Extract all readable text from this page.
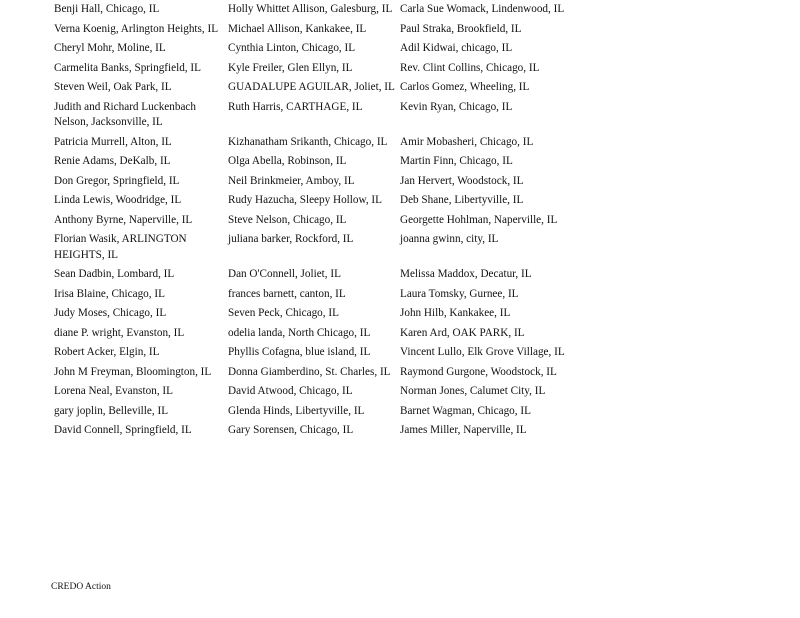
Benji Hall, Chicago, IL	Holly Whittet Allison, Galesburg, IL	Carla Sue Womack, Lindenwood, IL
Verna Koenig, Arlington Heights, IL	Michael Allison, Kankakee, IL	Paul Straka, Brookfield, IL
Cheryl Mohr, Moline, IL	Cynthia Linton, Chicago, IL	Adil Kidwai, chicago, IL
Carmelita Banks, Springfield, IL	Kyle Freiler, Glen Ellyn, IL	Rev. Clint Collins, Chicago, IL
Steven Weil, Oak Park, IL	GUADALUPE AGUILAR, Joliet, IL	Carlos Gomez, Wheeling, IL
Judith and Richard Luckenbach Nelson, Jacksonville, IL	Ruth Harris, CARTHAGE, IL	Kevin Ryan, Chicago, IL
Patricia Murrell, Alton, IL	Kizhanatham Srikanth, Chicago, IL	Amir Mobasheri, Chicago, IL
Renie Adams, DeKalb, IL	Olga Abella, Robinson, IL	Martin Finn, Chicago, IL
Don Gregor, Springfield, IL	Neil Brinkmeier, Amboy, IL	Jan Hervert, Woodstock, IL
Linda Lewis, Woodridge, IL	Rudy Hazucha, Sleepy Hollow, IL	Deb Shane, Libertyville, IL
Anthony Byrne, Naperville, IL	Steve Nelson, Chicago, IL	Georgette Hohlman, Naperville, IL
Florian Wasik, ARLINGTON HEIGHTS, IL	juliana barker, Rockford, IL	joanna gwinn, city, IL
Sean Dadbin, Lombard, IL	Dan O'Connell, Joliet, IL	Melissa Maddox, Decatur, IL
Irisa Blaine, Chicago, IL	frances barnett, canton, IL	Laura Tomsky, Gurnee, IL
Judy Moses, Chicago, IL	Seven Peck, Chicago, IL	John Hilb, Kankakee, IL
diane P. wright, Evanston, IL	odelia landa, North Chicago, IL	Karen Ard, OAK PARK, IL
Robert Acker, Elgin, IL	Phyllis Cofagna, blue island, IL	Vincent Lullo, Elk Grove Village, IL
John M Freyman, Bloomington, IL	Donna Giamberdino, St. Charles, IL	Raymond Gurgone, Woodstock, IL
Lorena Neal, Evanston, IL	David Atwood, Chicago, IL	Norman Jones, Calumet City, IL
gary joplin, Belleville, IL	Glenda Hinds, Libertyville, IL	Barnet Wagman, Chicago, IL
David Connell, Springfield, IL	Gary Sorensen, Chicago, IL	James Miller, Naperville, IL
CREDO Action
